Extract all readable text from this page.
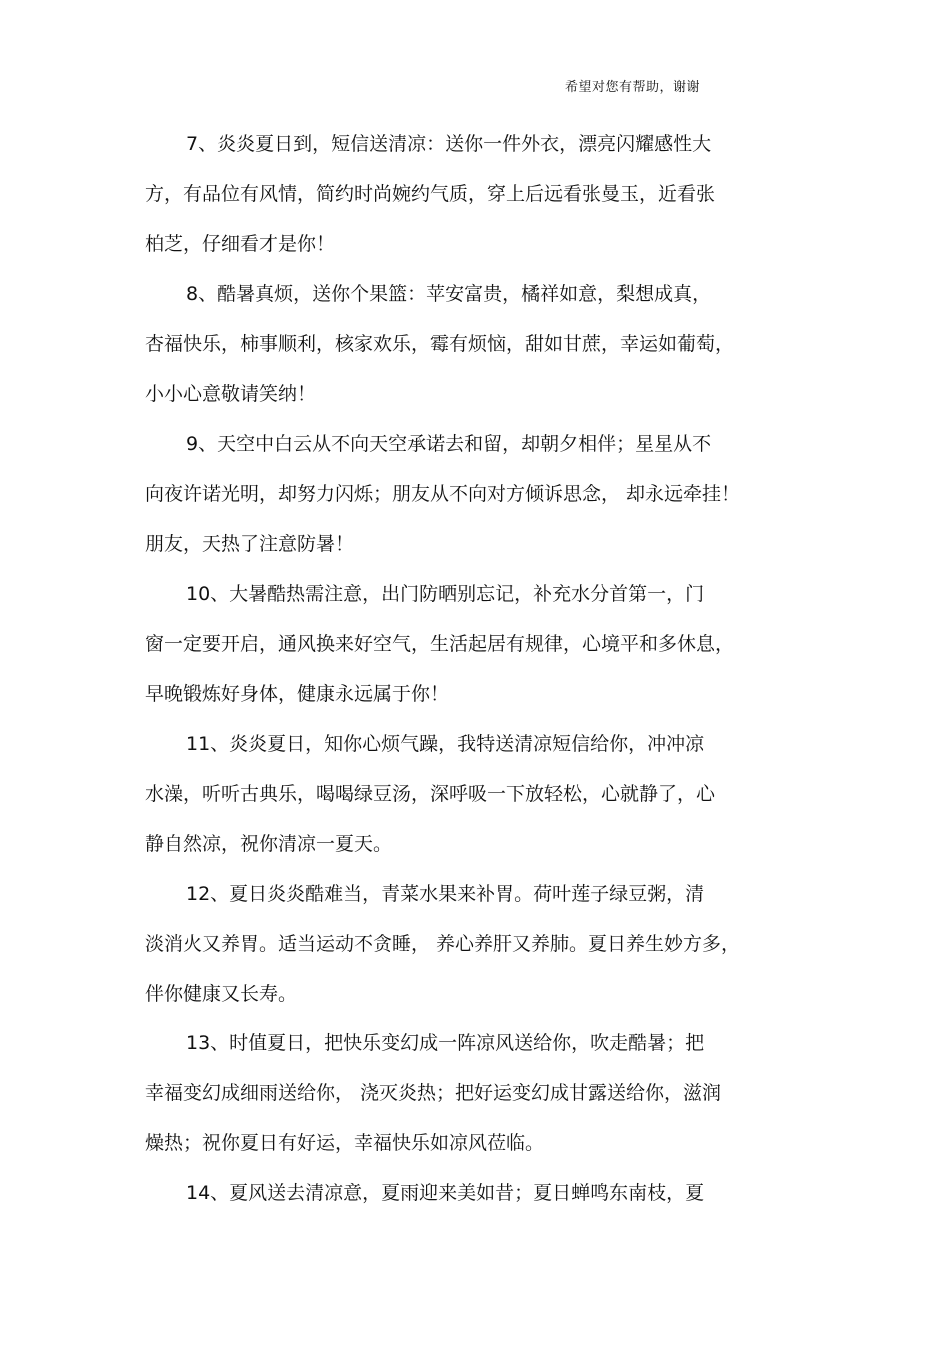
希望对您有帮助，谢谢
7、炎炎夏日到，短信送清凉：送你一件外衣，漂亮闪耀感性大
方，有品位有风情，简约时尚婉约气质，穿上后远看张曼玉，近看张
柏芝，仔细看才是你！
8、酷暑真烦，送你个果篮：苹安富贵，橘祥如意，梨想成真，
杏福快乐，柿事顺利，核家欢乐，霉有烦恼，甜如甘蔗，幸运如葡萄，
小小心意敬请笑纳！
9、天空中白云从不向天空承诺去和留，却朝夕相伴；星星从不
向夜许诺光明，却努力闪烁；朋友从不向对方倾诉思念， 却永远牵挂！
朋友，天热了注意防暑！
10、大暑酷热需注意，出门防晒别忘记，补充水分首第一，门
窗一定要开启，通风换来好空气，生活起居有规律，心境平和多休息，
早晚锻炼好身体，健康永远属于你！
11、炎炎夏日，知你心烦气躁，我特送清凉短信给你，冲冲凉
水澡，听听古典乐，喝喝绿豆汤，深呼吸一下放轻松，心就静了，心
静自然凉，祝你清凉一夏天。
12、夏日炎炎酷难当，青菜水果来补胃。荷叶莲子绿豆粥，清
淡消火又养胃。适当运动不贪睡， 养心养肝又养肺。夏日养生妙方多，
伴你健康又长寿。
13、时值夏日，把快乐变幻成一阵凉风送给你，吹走酷暑；把
幸福变幻成细雨送给你， 浇灭炎热；把好运变幻成甘露送给你，滋润
燥热；祝你夏日有好运，幸福快乐如凉风莅临。
14、夏风送去清凉意，夏雨迎来美如昔；夏日蝉鸣东南枝，夏
